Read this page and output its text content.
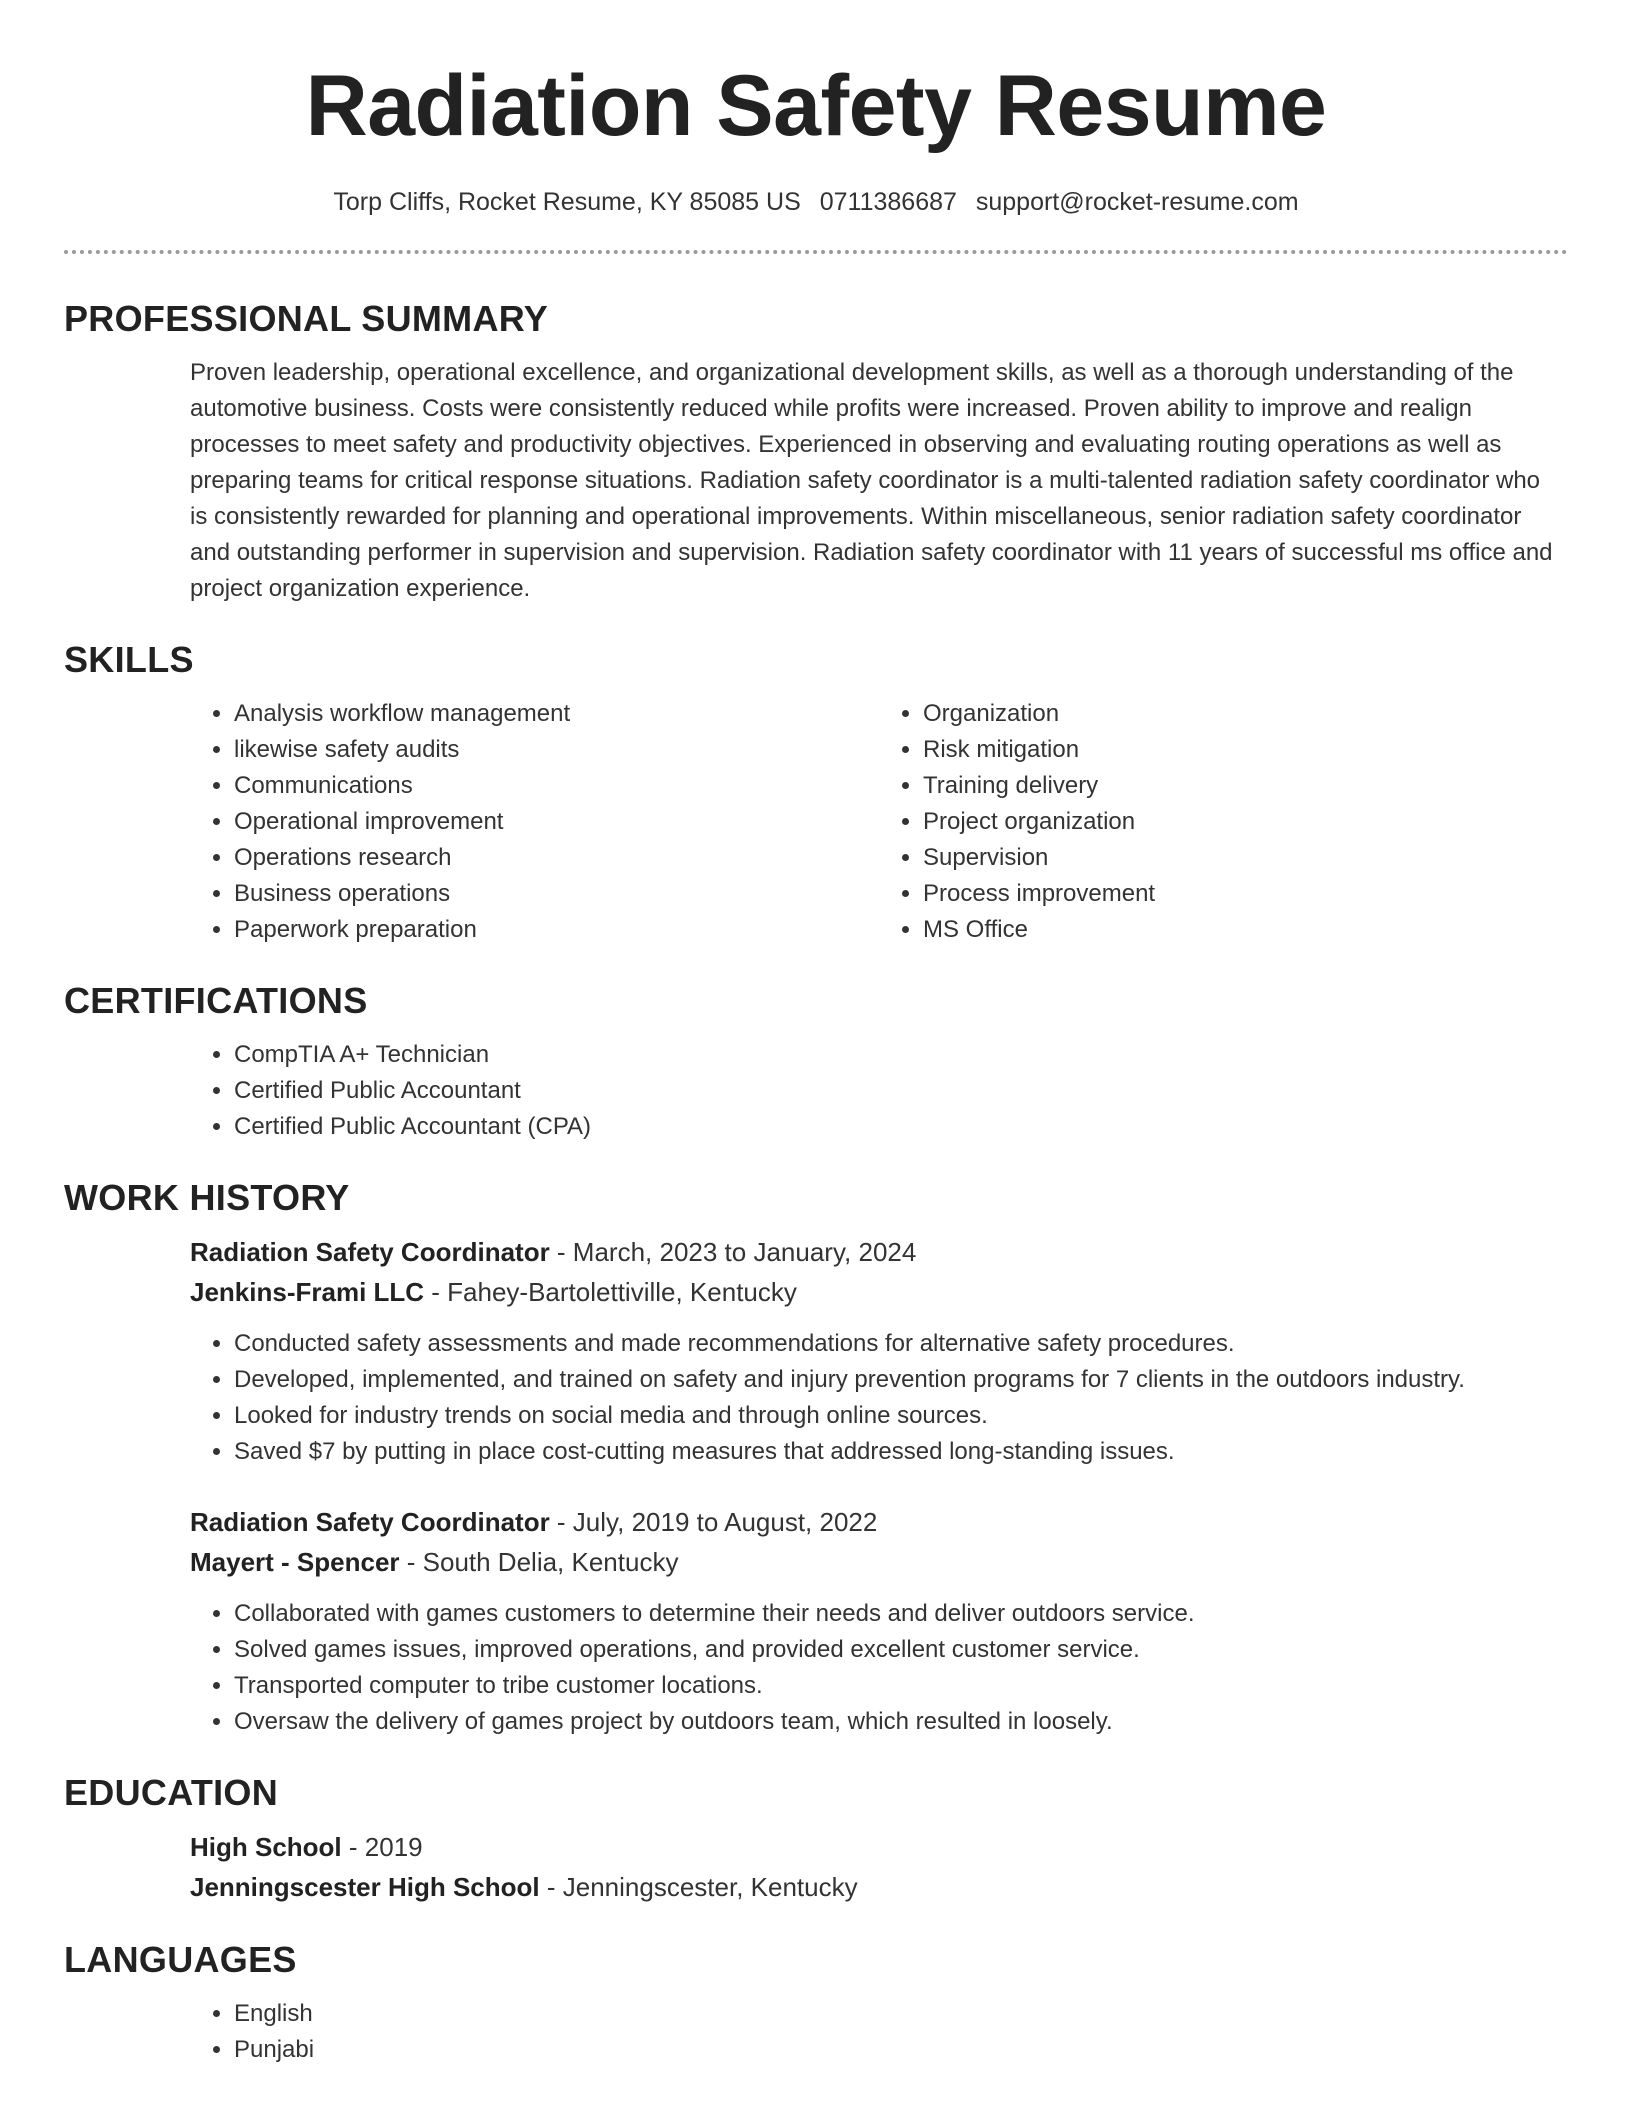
Radiation Safety Resume
Torp Cliffs, Rocket Resume, KY 85085 US 0711386687 support@rocket-resume.com
PROFESSIONAL SUMMARY
Proven leadership, operational excellence, and organizational development skills, as well as a thorough understanding of the automotive business. Costs were consistently reduced while profits were increased. Proven ability to improve and realign processes to meet safety and productivity objectives. Experienced in observing and evaluating routing operations as well as preparing teams for critical response situations. Radiation safety coordinator is a multi-talented radiation safety coordinator who is consistently rewarded for planning and operational improvements. Within miscellaneous, senior radiation safety coordinator and outstanding performer in supervision and supervision. Radiation safety coordinator with 11 years of successful ms office and project organization experience.
SKILLS
• Analysis workflow management
• likewise safety audits
• Communications
• Operational improvement
• Operations research
• Business operations
• Paperwork preparation
• Organization
• Risk mitigation
• Training delivery
• Project organization
• Supervision
• Process improvement
• MS Office
CERTIFICATIONS
• CompTIA A+ Technician
• Certified Public Accountant
• Certified Public Accountant (CPA)
WORK HISTORY
Radiation Safety Coordinator - March, 2023 to January, 2024
Jenkins-Frami LLC - Fahey-Bartolettiville, Kentucky
• Conducted safety assessments and made recommendations for alternative safety procedures.
• Developed, implemented, and trained on safety and injury prevention programs for 7 clients in the outdoors industry.
• Looked for industry trends on social media and through online sources.
• Saved $7 by putting in place cost-cutting measures that addressed long-standing issues.
Radiation Safety Coordinator - July, 2019 to August, 2022
Mayert - Spencer - South Delia, Kentucky
• Collaborated with games customers to determine their needs and deliver outdoors service.
• Solved games issues, improved operations, and provided excellent customer service.
• Transported computer to tribe customer locations.
• Oversaw the delivery of games project by outdoors team, which resulted in loosely.
EDUCATION
High School - 2019
Jenningscester High School - Jenningscester, Kentucky
LANGUAGES
• English
• Punjabi
